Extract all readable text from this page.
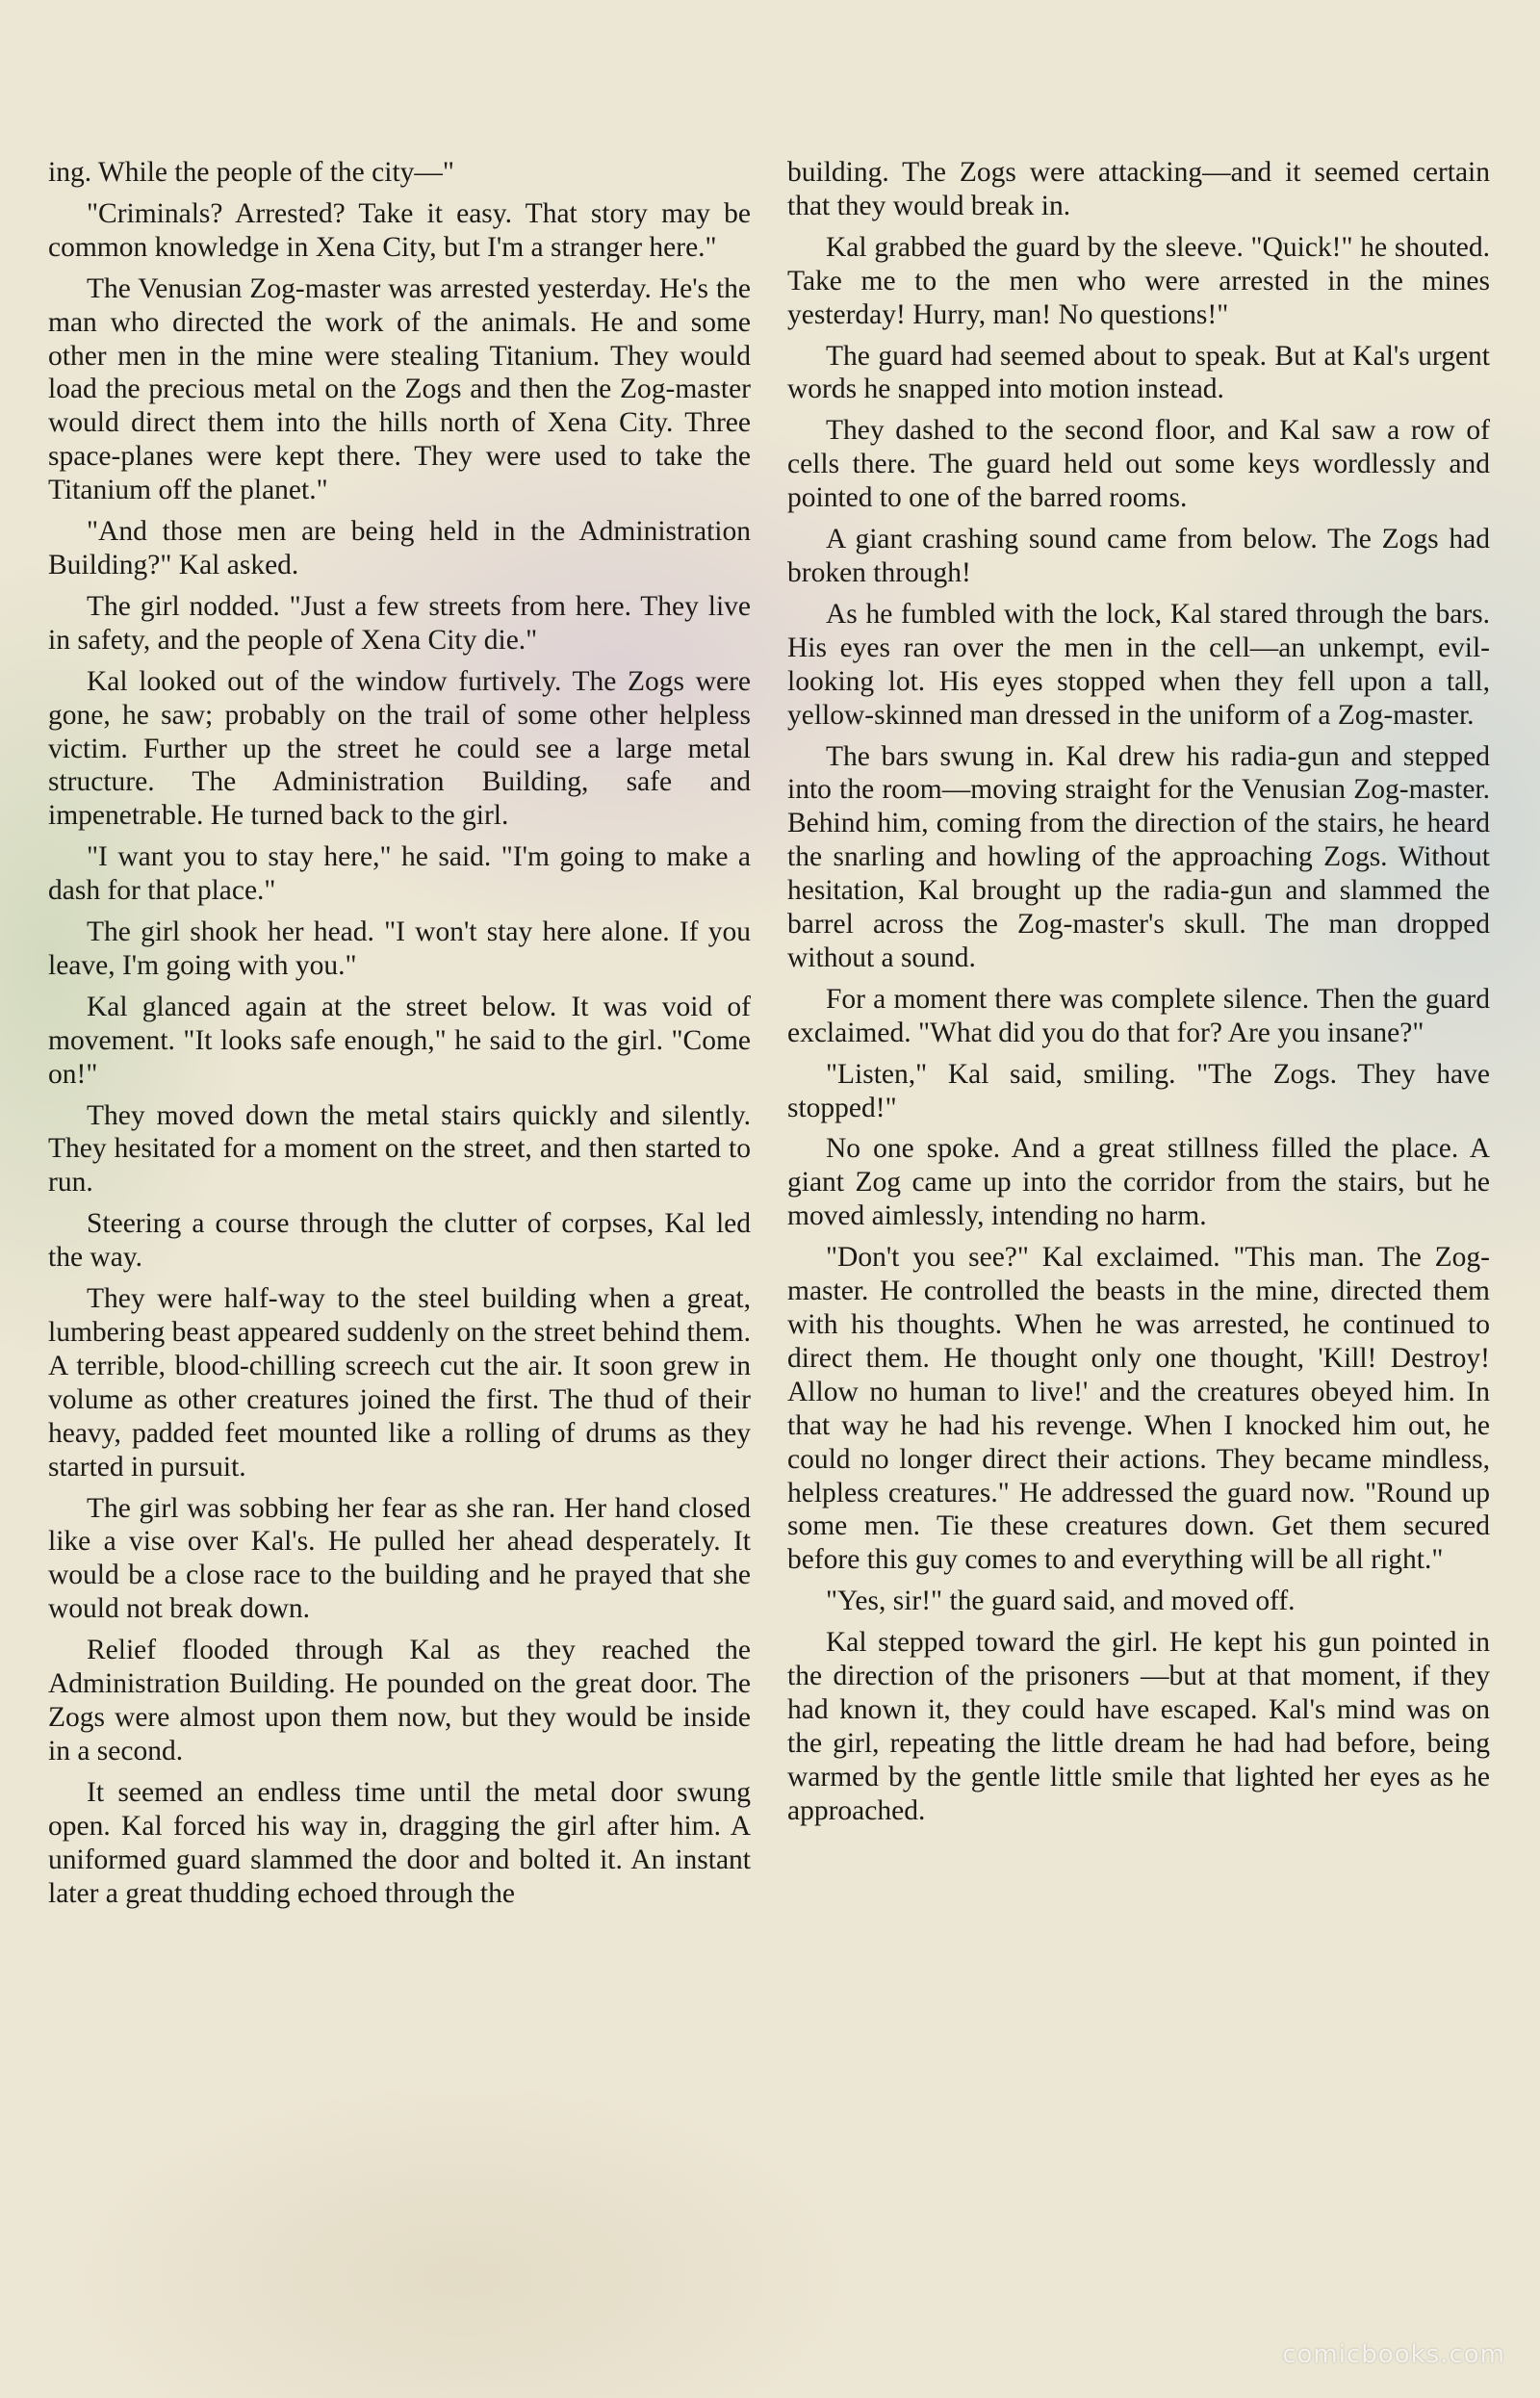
ing. While the people of the city—"

"Criminals? Arrested? Take it easy. That story may be common knowledge in Xena City, but I'm a stranger here."

The Venusian Zog-master was arrested yesterday. He's the man who directed the work of the animals. He and some other men in the mine were stealing Titanium. They would load the precious metal on the Zogs and then the Zog-master would direct them into the hills north of Xena City. Three space-planes were kept there. They were used to take the Titanium off the planet."

"And those men are being held in the Administration Building?" Kal asked.

The girl nodded. "Just a few streets from here. They live in safety, and the people of Xena City die."

Kal looked out of the window furtively. The Zogs were gone, he saw; probably on the trail of some other helpless victim. Further up the street he could see a large metal structure. The Administration Building, safe and impenetrable. He turned back to the girl.

"I want you to stay here," he said. "I'm going to make a dash for that place."

The girl shook her head. "I won't stay here alone. If you leave, I'm going with you."

Kal glanced again at the street below. It was void of movement. "It looks safe enough," he said to the girl. "Come on!"

They moved down the metal stairs quickly and silently. They hesitated for a moment on the street, and then started to run.

Steering a course through the clutter of corpses, Kal led the way.

They were half-way to the steel building when a great, lumbering beast appeared suddenly on the street behind them. A terrible, blood-chilling screech cut the air. It soon grew in volume as other creatures joined the first. The thud of their heavy, padded feet mounted like a rolling of drums as they started in pursuit.

The girl was sobbing her fear as she ran. Her hand closed like a vise over Kal's. He pulled her ahead desperately. It would be a close race to the building and he prayed that she would not break down.

Relief flooded through Kal as they reached the Administration Building. He pounded on the great door. The Zogs were almost upon them now, but they would be inside in a second.

It seemed an endless time until the metal door swung open. Kal forced his way in, dragging the girl after him. A uniformed guard slammed the door and bolted it. An instant later a great thudding echoed through the

building. The Zogs were attacking—and it seemed certain that they would break in.

Kal grabbed the guard by the sleeve. "Quick!" he shouted. Take me to the men who were arrested in the mines yesterday! Hurry, man! No questions!"

The guard had seemed about to speak. But at Kal's urgent words he snapped into motion instead.

They dashed to the second floor, and Kal saw a row of cells there. The guard held out some keys wordlessly and pointed to one of the barred rooms.

A giant crashing sound came from below. The Zogs had broken through!

As he fumbled with the lock, Kal stared through the bars. His eyes ran over the men in the cell—an unkempt, evil-looking lot. His eyes stopped when they fell upon a tall, yellow-skinned man dressed in the uniform of a Zog-master.

The bars swung in. Kal drew his radia-gun and stepped into the room—moving straight for the Venusian Zog-master. Behind him, coming from the direction of the stairs, he heard the snarling and howling of the approaching Zogs. Without hesitation, Kal brought up the radia-gun and slammed the barrel across the Zog-master's skull. The man dropped without a sound.

For a moment there was complete silence. Then the guard exclaimed. "What did you do that for? Are you insane?"

"Listen," Kal said, smiling. "The Zogs. They have stopped!"

No one spoke. And a great stillness filled the place. A giant Zog came up into the corridor from the stairs, but he moved aimlessly, intending no harm.

"Don't you see?" Kal exclaimed. "This man. The Zog-master. He controlled the beasts in the mine, directed them with his thoughts. When he was arrested, he continued to direct them. He thought only one thought, 'Kill! Destroy! Allow no human to live!' and the creatures obeyed him. In that way he had his revenge. When I knocked him out, he could no longer direct their actions. They became mindless, helpless creatures." He addressed the guard now. "Round up some men. Tie these creatures down. Get them secured before this guy comes to and everything will be all right."

"Yes, sir!" the guard said, and moved off.

Kal stepped toward the girl. He kept his gun pointed in the direction of the prisoners —but at that moment, if they had known it, they could have escaped. Kal's mind was on the girl, repeating the little dream he had had before, being warmed by the gentle little smile that lighted her eyes as he approached.

comicbooks.com
